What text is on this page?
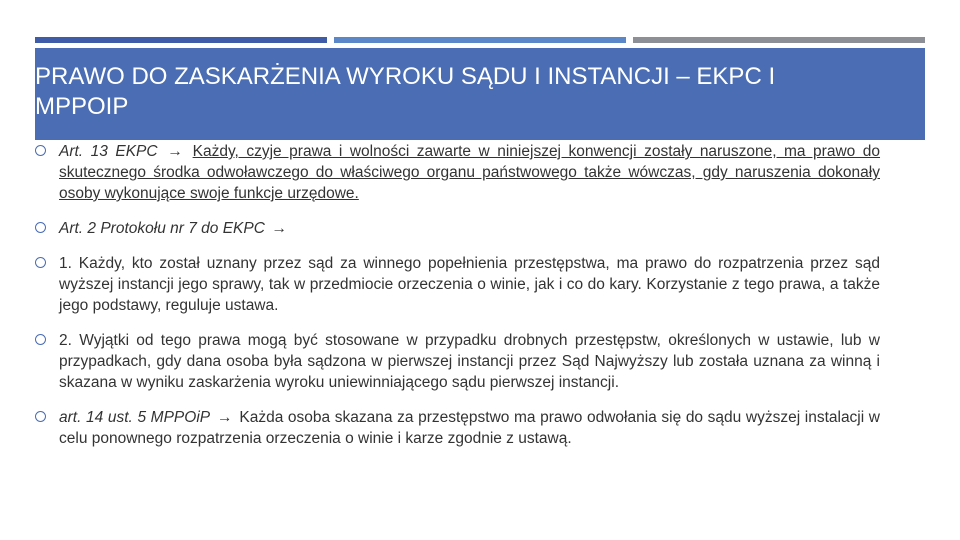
PRAWO DO ZASKARŻENIA WYROKU SĄDU I INSTANCJI – EKPC I MPPOIP
Art. 13 EKPC → Każdy, czyje prawa i wolności zawarte w niniejszej konwencji zostały naruszone, ma prawo do skutecznego środka odwoławczego do właściwego organu państwowego także wówczas, gdy naruszenia dokonały osoby wykonujące swoje funkcje urzędowe.
Art. 2 Protokołu nr 7 do EKPC →
1. Każdy, kto został uznany przez sąd za winnego popełnienia przestępstwa, ma prawo do rozpatrzenia przez sąd wyższej instancji jego sprawy, tak w przedmiocie orzeczenia o winie, jak i co do kary. Korzystanie z tego prawa, a także jego podstawy, reguluje ustawa.
2. Wyjątki od tego prawa mogą być stosowane w przypadku drobnych przestępstw, określonych w ustawie, lub w przypadkach, gdy dana osoba była sądzona w pierwszej instancji przez Sąd Najwyższy lub została uznana za winną i skazana w wyniku zaskarżenia wyroku uniewinniającego sądu pierwszej instancji.
art. 14 ust. 5 MPPOiP → Każda osoba skazana za przestępstwo ma prawo odwołania się do sądu wyższej instalacji w celu ponownego rozpatrzenia orzeczenia o winie i karze zgodnie z ustawą.
